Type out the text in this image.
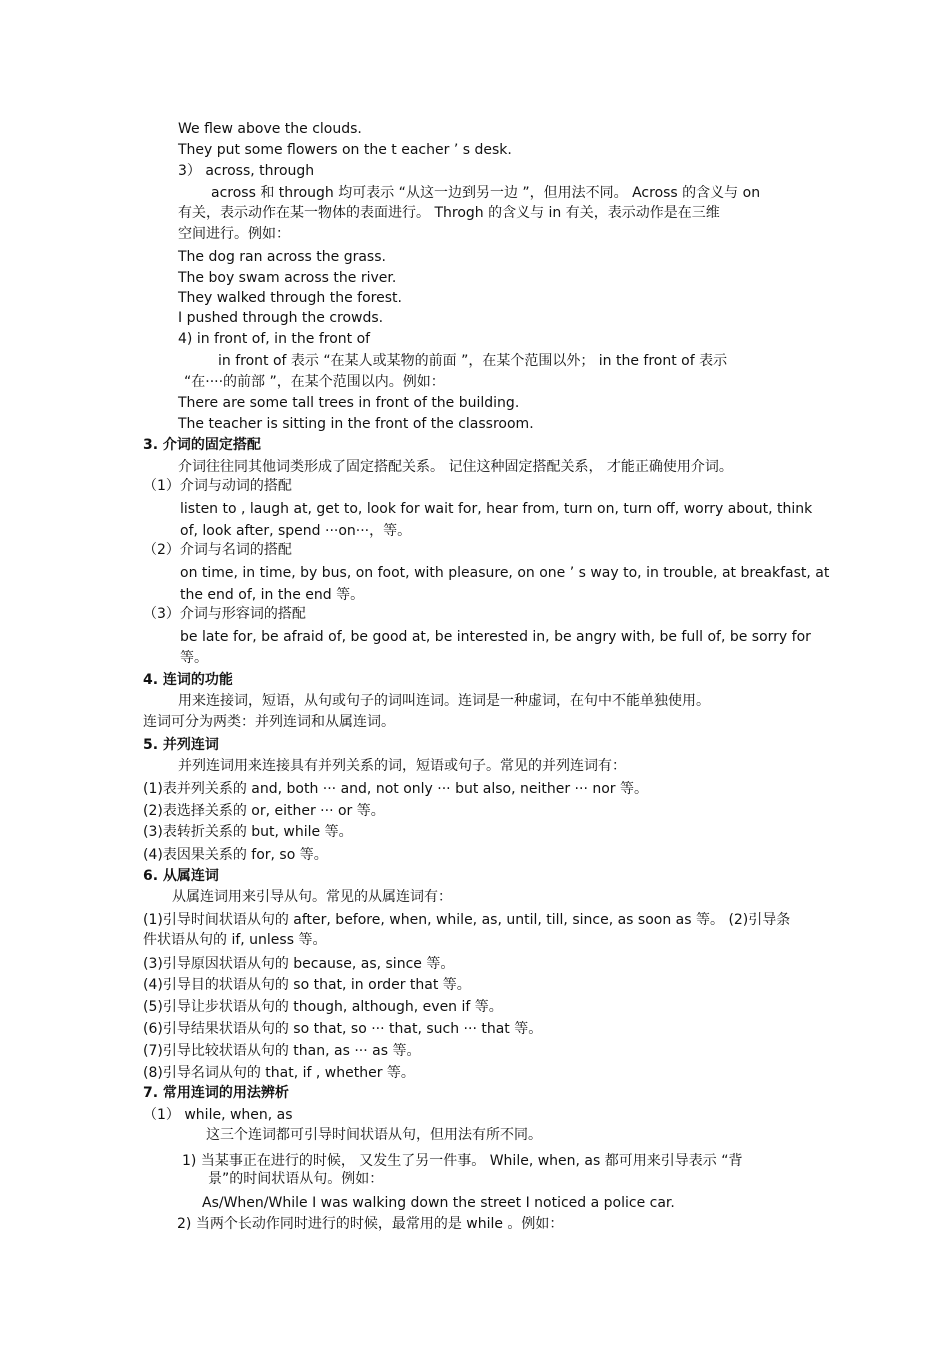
We flew above the clouds.
They put some flowers on the t eacher ’ s desk.
3） across, through
across 和 through 均可表示 “从这一边到另一边 ”，但用法不同。 Across 的含义与 on
有关，表示动作在某一物体的表面进行。 Throgh 的含义与 in 有关，表示动作是在三维
空间进行。例如：
The dog ran across the grass.
The boy swam across the river.
They walked through the forest.
I pushed through the crowds.
4) in front of, in the front of
in front of 表示 “在某人或某物的前面 ”，在某个范围以外； in the front of 表示
“在····的前部 ”，在某个范围以内。例如：
There are some tall trees in front of the building.
The teacher is sitting in the front of the classroom.
3. 介词的固定搭配
介词往往同其他词类形成了固定搭配关系。 记住这种固定搭配关系， 才能正确使用介词。
（1）介词与动词的搭配
listen to , laugh at, get to, look for wait for, hear from, turn on, turn off, worry about, think
of, look after, spend ···on···，等。
（2）介词与名词的搭配
on time, in time, by bus, on foot, with pleasure, on one ’ s way to, in trouble, at breakfast, at
the end of, in the end 等。
（3）介词与形容词的搭配
be late for, be afraid of, be good at, be interested in, be angry with, be full of, be sorry for
等。
4. 连词的功能
用来连接词，短语，从句或句子的词叫连词。连词是一种虚词，在句中不能单独使用。
连词可分为两类：并列连词和从属连词。
5. 并列连词
并列连词用来连接具有并列关系的词，短语或句子。常见的并列连词有：
(1)表并列关系的 and, both ··· and, not only ··· but also, neither ··· nor 等。
(2)表选择关系的 or, either ··· or 等。
(3)表转折关系的 but, while 等。
(4)表因果关系的 for, so 等。
6. 从属连词
从属连词用来引导从句。常见的从属连词有：
(1)引导时间状语从句的 after, before, when, while, as, until, till, since, as soon as 等。 (2)引导条
件状语从句的 if, unless 等。
(3)引导原因状语从句的 because, as, since 等。
(4)引导目的状语从句的 so that, in order that 等。
(5)引导让步状语从句的 though, although, even if 等。
(6)引导结果状语从句的 so that, so ··· that, such ··· that 等。
(7)引导比较状语从句的 than, as ··· as 等。
(8)引导名词从句的 that, if , whether 等。
7. 常用连词的用法辨析
（1） while, when, as
这三个连词都可引导时间状语从句，但用法有所不同。
1) 当某事正在进行的时候， 又发生了另一件事。 While, when, as 都可用来引导表示 “背
景”的时间状语从句。例如：
As/When/While I was walking down the street I noticed a police car.
2) 当两个长动作同时进行的时候，最常用的是 while 。例如：
